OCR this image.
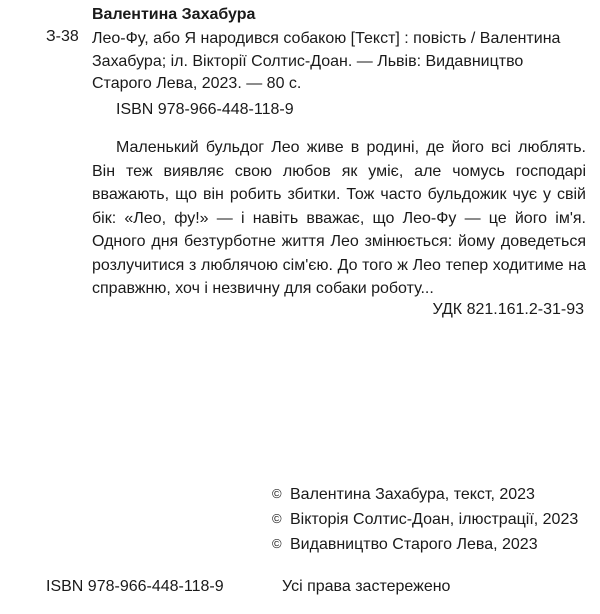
Валентина Захабура
З-38 Лео-Фу, або Я народився собакою [Текст] : повість / Валентина Захабура; іл. Вікторії Солтис-Доан. — Львів: Видавництво Старого Лева, 2023. — 80 с.
ISBN 978-966-448-118-9
Маленький бульдог Лео живе в родині, де його всі люблять. Він теж виявляє свою любов як уміє, але чомусь господарі вважають, що він робить збитки. Тож часто бульдожик чує у свій бік: «Лео, фу!» — і навіть вважає, що Лео-Фу — це його ім'я. Одного дня безтурботне життя Лео змінюється: йому доведеться розлучитися з люблячою сім'єю. До того ж Лео тепер ходитиме на справжню, хоч і незвичну для собаки роботу...
УДК 821.161.2-31-93
© Валентина Захабура, текст, 2023
© Вікторія Солтис-Доан, ілюстрації, 2023
© Видавництво Старого Лева, 2023
ISBN 978-966-448-118-9	Усі права застережено
